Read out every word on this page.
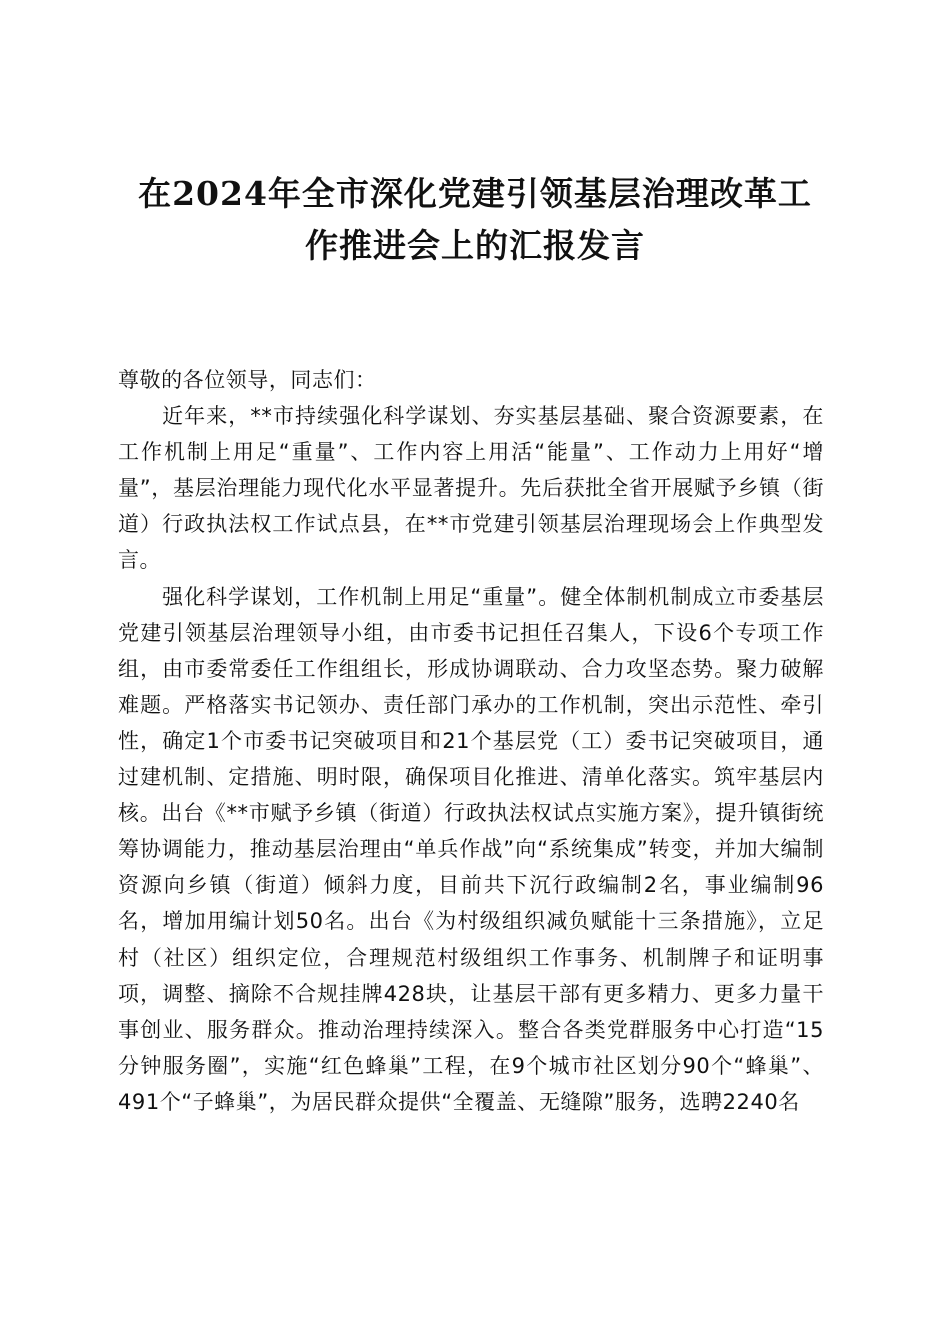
在2024年全市深化党建引领基层治理改革工
作推进会上的汇报发言

尊敬的各位领导，同志们：

近年来，**市持续强化科学谋划、夯实基层基础、聚合资源要素，在工作机制上用足“重量”、工作内容上用活“能量”、工作动力上用好“增量”，基层治理能力现代化水平显著提升。先后获批全省开展赋予乡镇（街道）行政执法权工作试点县，在**市党建引领基层治理现场会上作典型发言。

强化科学谋划，工作机制上用足“重量”。健全体制机制成立市委基层党建引领基层治理领导小组，由市委书记担任召集人，下设6个专项工作组，由市委常委任工作组组长，形成协调联动、合力攻坚态势。聚力破解难题。严格落实书记领办、责任部门承办的工作机制，突出示范性、牵引性，确定1个市委书记突破项目和21个基层党（工）委书记突破项目，通过建机制、定措施、明时限，确保项目化推进、清单化落实。筑牢基层内核。出台《**市赋予乡镇（街道）行政执法权试点实施方案》，提升镇街统筹协调能力，推动基层治理由“单兵作战”向“系统集成”转变，并加大编制资源向乡镇（街道）倾斜力度，目前共下沉行政编制2名，事业编制96名，增加用编计划50名。出台《为村级组织减负赋能十三条措施》，立足村（社区）组织定位，合理规范村级组织工作事务、机制牌子和证明事项，调整、摘除不合规挂牌428块，让基层干部有更多精力、更多力量干事创业、服务群众。推动治理持续深入。整合各类党群服务中心打造“15分钟服务圈”，实施“红色蜂巢”工程，在9个城市社区划分90个“蜂巢”、491个“子蜂巢”，为居民群众提供“全覆盖、无缝隙”服务，选聘2240名
